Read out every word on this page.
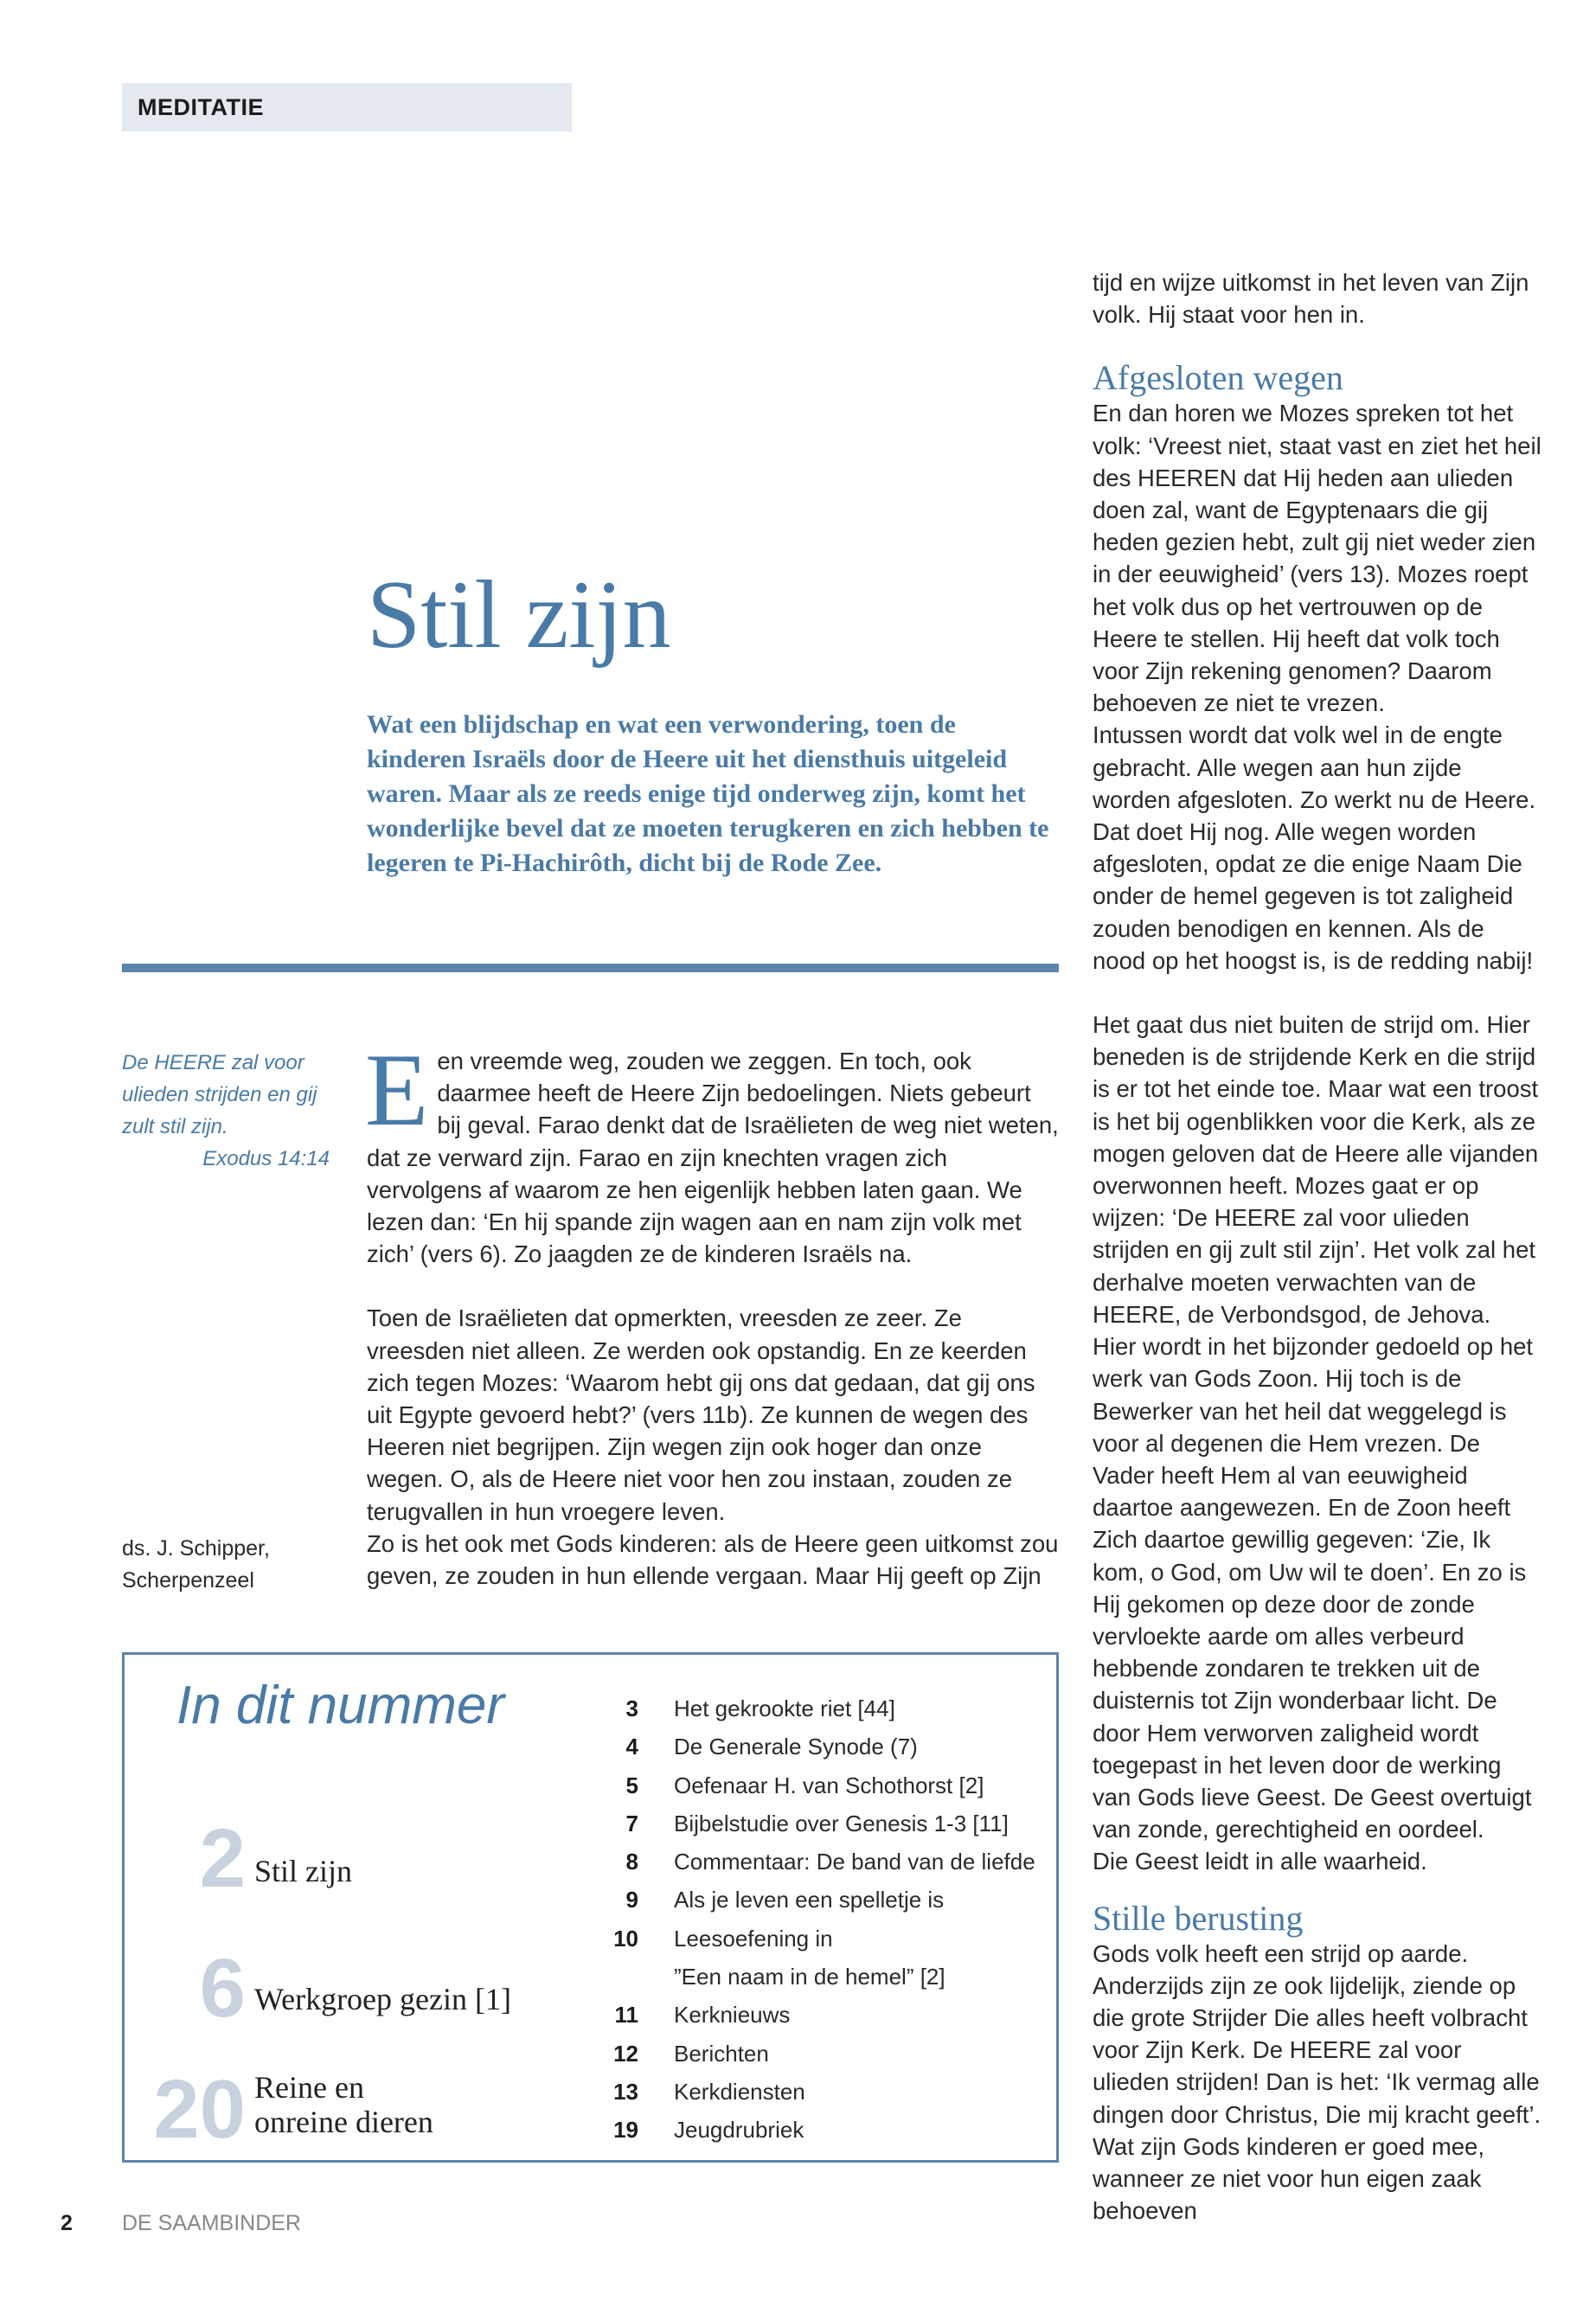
MEDITATIE
Stil zijn

Wat een blijdschap en wat een verwondering, toen de kinderen Israëls door de Heere uit het diensthuis uitgeleid waren. Maar als ze reeds enige tijd onderweg zijn, komt het wonderlijke bevel dat ze moeten terugkeren en zich hebben te legeren te Pi-Hachirôth, dicht bij de Rode Zee.

De HEERE zal voor ulieden strijden en gij zult stil zijn.
Exodus 14:14

ds. J. Schipper,
Scherpenzeel

Een vreemde weg, zouden we zeggen. En toch, ook daarmee heeft de Heere Zijn bedoelingen. Niets gebeurt bij geval. Farao denkt dat de Israëlieten de weg niet weten, dat ze verward zijn. Farao en zijn knechten vragen zich vervolgens af waarom ze hen eigenlijk hebben laten gaan. We lezen dan: ‘En hij spande zijn wagen aan en nam zijn volk met zich’ (vers 6). Zo jaagden ze de kinderen Israëls na.

Toen de Israëlieten dat opmerkten, vreesden ze zeer. Ze vreesden niet alleen. Ze werden ook opstandig. En ze keerden zich tegen Mozes: ‘Waarom hebt gij ons dat gedaan, dat gij ons uit Egypte gevoerd hebt?’ (vers 11b). Ze kunnen de wegen des Heeren niet begrijpen. Zijn wegen zijn ook hoger dan onze wegen. O, als de Heere niet voor hen zou instaan, zouden ze terugvallen in hun vroegere leven.

Zo is het ook met Gods kinderen: als de Heere geen uitkomst zou geven, ze zouden in hun ellende vergaan. Maar Hij geeft op Zijn

tijd en wijze uitkomst in het leven van Zijn volk. Hij staat voor hen in.

Afgesloten wegen

En dan horen we Mozes spreken tot het volk: ‘Vreest niet, staat vast en ziet het heil des HEEREN dat Hij heden aan ulieden doen zal, want de Egyptenaars die gij heden gezien hebt, zult gij niet weder zien in der eeuwigheid’ (vers 13). Mozes roept het volk dus op het vertrouwen op de Heere te stellen. Hij heeft dat volk toch voor Zijn rekening genomen? Daarom behoeven ze niet te vrezen.

Intussen wordt dat volk wel in de engte gebracht. Alle wegen aan hun zijde worden afgesloten. Zo werkt nu de Heere. Dat doet Hij nog. Alle wegen worden afgesloten, opdat ze die enige Naam Die onder de hemel gegeven is tot zaligheid zouden benodigen en kennen. Als de nood op het hoogst is, is de redding nabij!

Het gaat dus niet buiten de strijd om. Hier beneden is de strijdende Kerk en die strijd is er tot het einde toe. Maar wat een troost is het bij ogenblikken voor die Kerk, als ze mogen geloven dat de Heere alle vijanden overwonnen heeft. Mozes gaat er op wijzen: ‘De HEERE zal voor ulieden strijden en gij zult stil zijn’. Het volk zal het derhalve moeten verwachten van de HEERE, de Verbondsgod, de Jehova.

Hier wordt in het bijzonder gedoeld op het werk van Gods Zoon. Hij toch is de Bewerker van het heil dat weggelegd is voor al degenen die Hem vrezen. De Vader heeft Hem al van eeuwigheid daartoe aangewezen. En de Zoon heeft Zich daartoe gewillig gegeven: ‘Zie, Ik kom, o God, om Uw wil te doen’. En zo is Hij gekomen op deze door de zonde vervloekte aarde om alles verbeurd hebbende zondaren te trekken uit de duisternis tot Zijn wonderbaar licht. De door Hem verworven zaligheid wordt toegepast in het leven door de werking van Gods lieve Geest. De Geest overtuigt van zonde, gerechtigheid en oordeel.

Die Geest leidt in alle waarheid.

Stille berusting

Gods volk heeft een strijd op aarde. Anderzijds zijn ze ook lijdelijk, ziende op die grote Strijder Die alles heeft volbracht voor Zijn Kerk. De HEERE zal voor ulieden strijden! Dan is het: ‘Ik vermag alle dingen door Christus, Die mij kracht geeft’. Wat zijn Gods kinderen er goed mee, wanneer ze niet voor hun eigen zaak behoeven

In dit nummer
2 Stil zijn
6 Werkgroep gezin [1]
20 Reine en
onreine dieren
3 Het gekrookte riet [44]
4 De Generale Synode (7)
5 Oefenaar H. van Schothorst [2]
7 Bijbelstudie over Genesis 1-3 [11]
8 Commentaar: De band van de liefde
9 Als je leven een spelletje is
10 Leesoefening in
”Een naam in de hemel” [2]
11 Kerknieuws
12 Berichten
13 Kerkdiensten
19 Jeugdrubriek
2 DE SAAMBINDER
